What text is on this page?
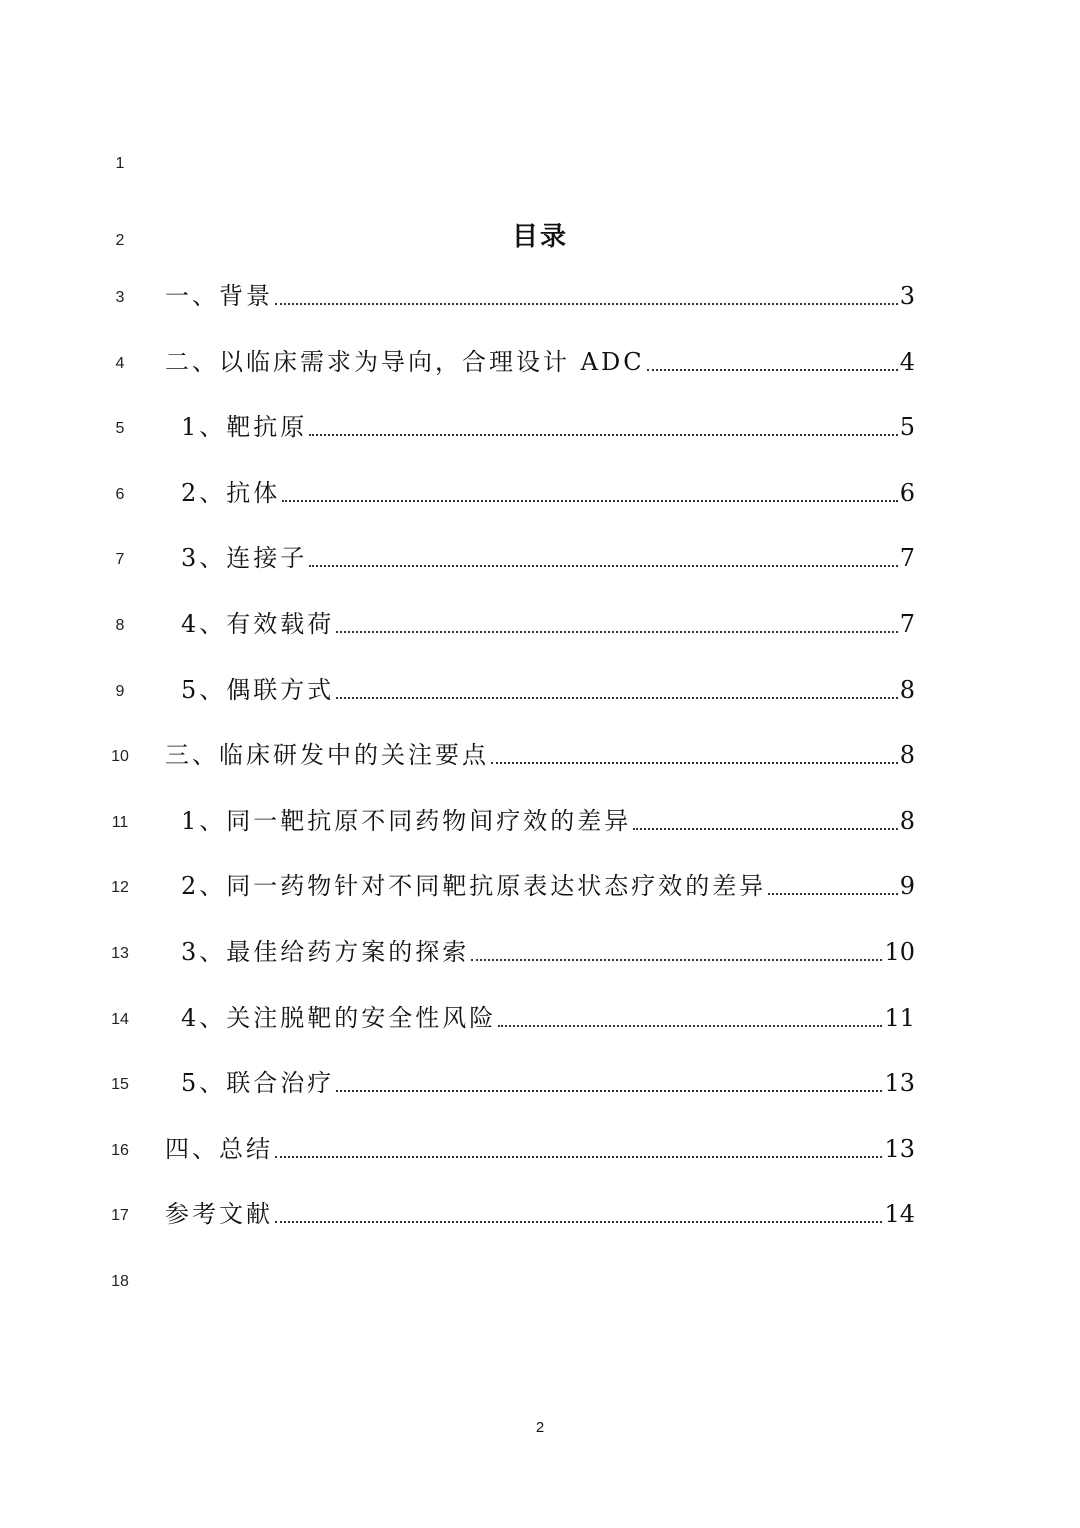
1
2
3
4
5
6
7
8
9
10
11
12
13
14
15
16
17
18
目录
一、背景	3
二、以临床需求为导向，合理设计 ADC	4
1、靶抗原	5
2、抗体	6
3、连接子	7
4、有效载荷	7
5、偶联方式	8
三、临床研发中的关注要点	8
1、同一靶抗原不同药物间疗效的差异	8
2、同一药物针对不同靶抗原表达状态疗效的差异	9
3、最佳给药方案的探索	10
4、关注脱靶的安全性风险	11
5、联合治疗	13
四、总结	13
参考文献	14
2
